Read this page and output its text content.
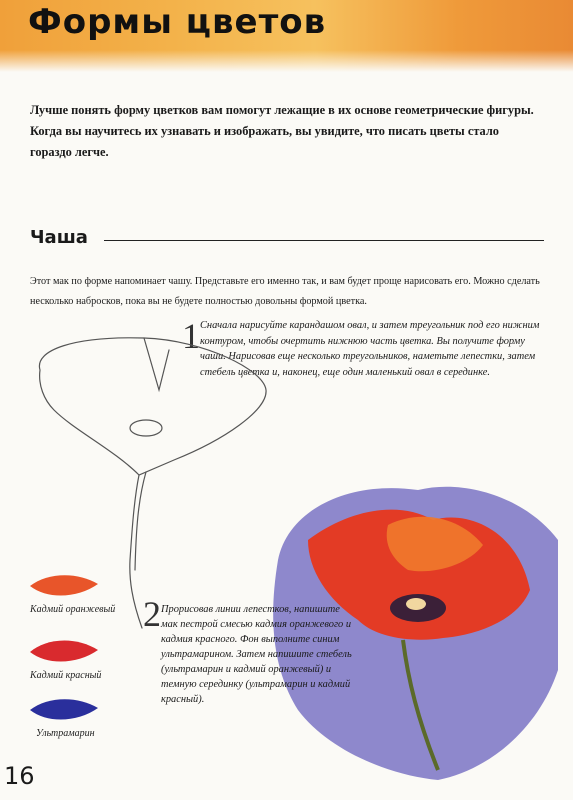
Формы цветов

Лучше понять форму цветков вам помогут лежащие в их основе геометрические фигуры. Когда вы научитесь их узнавать и изображать, вы увидите, что писать цветы стало гораздо легче.

Чаша

Этот мак по форме напоминает чашу. Представьте его именно так, и вам будет проще нарисовать его. Можно сделать несколько набросков, пока вы не будете полностью довольны формой цветка.

1 Сначала нарисуйте карандашом овал, и затем треугольник под его нижним контуром, чтобы очертить нижнюю часть цветка. Вы получите форму чаши. Нарисовав еще несколько треугольников, наметьте лепестки, затем стебель цветка и, наконец, еще один маленький овал в серединке.

2 Прорисовав линии лепестков, напишите мак пестрой смесью кадмия оранжевого и кадмия красного. Фон выполните синим ультрамарином. Затем напишите стебель (ультрамарин и кадмий оранжевый) и темную серединку (ультрамарин и кадмий красный).

Кадмий оранжевый
Кадмий красный
Ультрамарин
16
